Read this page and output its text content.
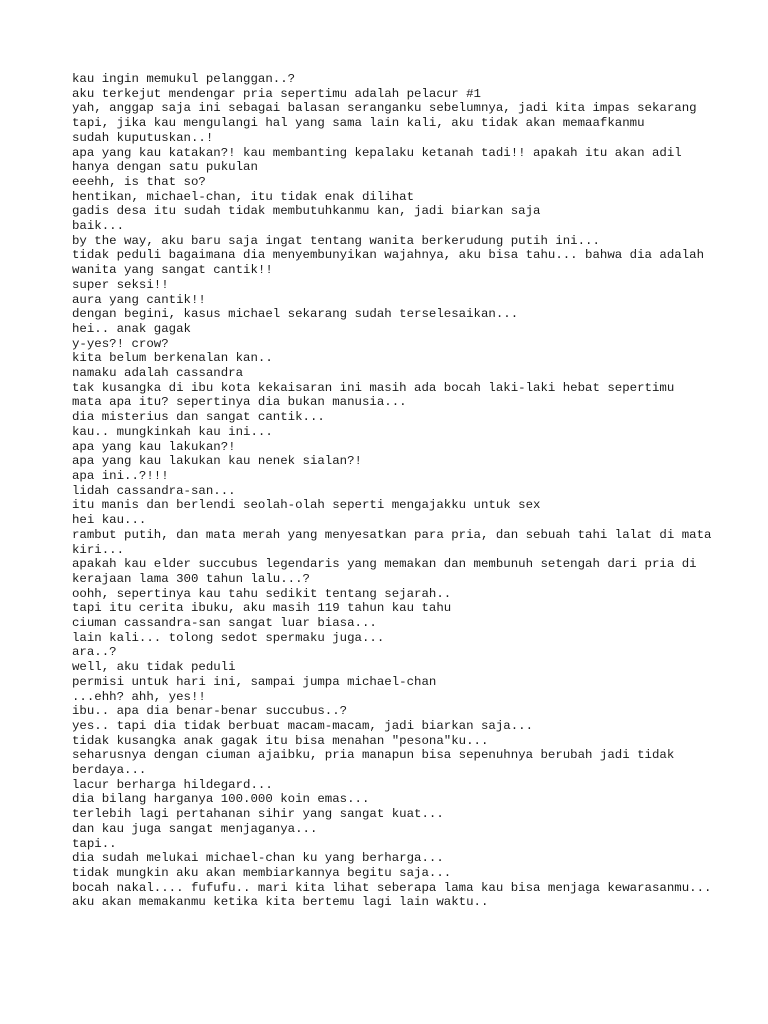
kau ingin memukul pelanggan..?

aku terkejut mendengar pria sepertimu adalah pelacur #1

yah, anggap saja ini sebagai balasan seranganku sebelumnya, jadi kita impas sekarang

tapi, jika kau mengulangi hal yang sama lain kali, aku tidak akan memaafkanmu

sudah kuputuskan..!

apa yang kau katakan?! kau membanting kepalaku ketanah tadi!! apakah itu akan adil hanya dengan satu pukulan

eeehh, is that so?

hentikan, michael-chan, itu tidak enak dilihat

gadis desa itu sudah tidak membutuhkanmu kan, jadi biarkan saja

baik...

by the way, aku baru saja ingat tentang wanita berkerudung putih ini...

tidak peduli bagaimana dia menyembunyikan wajahnya, aku bisa tahu... bahwa dia adalah wanita yang sangat cantik!!

super seksi!!

aura yang cantik!!

dengan begini, kasus michael sekarang sudah terselesaikan...

hei.. anak gagak

y-yes?! crow?

kita belum berkenalan kan..

namaku adalah cassandra

tak kusangka di ibu kota kekaisaran ini masih ada bocah laki-laki hebat sepertimu

mata apa itu? sepertinya dia bukan manusia...

dia misterius dan sangat cantik...

kau.. mungkinkah kau ini...

apa yang kau lakukan?!

apa yang kau lakukan kau nenek sialan?!

apa ini..?!!!

lidah cassandra-san...

itu manis dan berlendi seolah-olah seperti mengajakku untuk sex

hei kau...

rambut putih, dan mata merah yang menyesatkan para pria, dan sebuah tahi lalat di mata kiri...

apakah kau elder succubus legendaris yang memakan dan membunuh setengah dari pria di kerajaan lama 300 tahun lalu...?

oohh, sepertinya kau tahu sedikit tentang sejarah..

tapi itu cerita ibuku, aku masih 119 tahun kau tahu

ciuman cassandra-san sangat luar biasa...

lain kali... tolong sedot spermaku juga...

ara..?

well, aku tidak peduli

permisi untuk hari ini, sampai jumpa michael-chan

...ehh? ahh, yes!!

ibu.. apa dia benar-benar succubus..?

yes.. tapi dia tidak berbuat macam-macam, jadi biarkan saja...

tidak kusangka anak gagak itu bisa menahan "pesona"ku...

seharusnya dengan ciuman ajaibku, pria manapun bisa sepenuhnya berubah jadi tidak berdaya...

lacur berharga hildegard...

dia bilang harganya 100.000 koin emas...

terlebih lagi pertahanan sihir yang sangat kuat...

dan kau juga sangat menjaganya...

tapi..

dia sudah melukai michael-chan ku yang berharga...

tidak mungkin aku akan membiarkannya begitu saja...

bocah nakal.... fufufu.. mari kita lihat seberapa lama kau bisa menjaga kewarasanmu...

aku akan memakanmu ketika kita bertemu lagi lain waktu..
